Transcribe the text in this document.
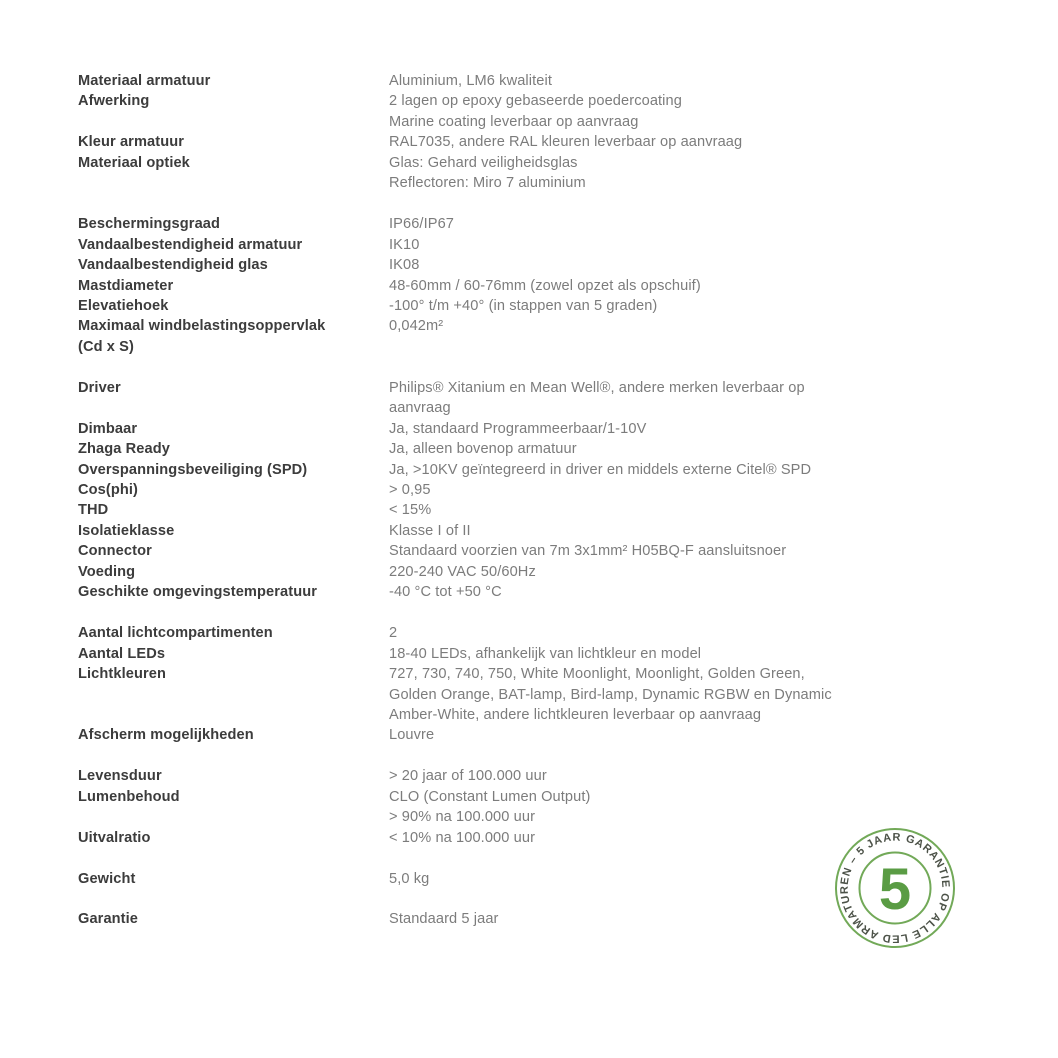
Materiaal armatuur	Aluminium, LM6 kwaliteit
Afwerking	2 lagen op epoxy gebaseerde poedercoating
Marine coating leverbaar op aanvraag
Kleur armatuur	RAL7035, andere RAL kleuren leverbaar op aanvraag
Materiaal optiek	Glas: Gehard veiligheidsglas
Reflectoren: Miro 7 aluminium
Beschermingsgraad	IP66/IP67
Vandaalbestendigheid armatuur	IK10
Vandaalbestendigheid glas	IK08
Mastdiameter	48-60mm / 60-76mm (zowel opzet als opschuif)
Elevatiehoek	-100° t/m +40° (in stappen van 5 graden)
Maximaal windbelastingsoppervlak	0,042m²
(Cd x S)
Driver	Philips® Xitanium en Mean Well®, andere merken leverbaar op
aanvraag
Dimbaar	Ja, standaard Programmeerbaar/1-10V
Zhaga Ready	Ja, alleen bovenop armatuur
Overspanningsbeveiliging (SPD)	Ja, >10KV geïntegreerd in driver en middels externe Citel® SPD
Cos(phi)	> 0,95
THD	< 15%
Isolatieklasse	Klasse I of II
Connector	Standaard voorzien van 7m 3x1mm² H05BQ-F aansluitsnoer
Voeding	220-240 VAC 50/60Hz
Geschikte omgevingstemperatuur	-40 °C tot +50 °C
Aantal lichtcompartimenten	2
Aantal LEDs	18-40 LEDs, afhankelijk van lichtkleur en model
Lichtkleuren	727, 730, 740, 750, White Moonlight, Moonlight, Golden Green,
Golden Orange, BAT-lamp, Bird-lamp, Dynamic RGBW en Dynamic
Amber-White, andere lichtkleuren leverbaar op aanvraag
Afscherm mogelijkheden	Louvre
Levensduur	> 20 jaar of 100.000 uur
Lumenbehoud	CLO (Constant Lumen Output)
> 90% na 100.000 uur
Uitvalratio	< 10% na 100.000 uur
Gewicht	5,0 kg
Garantie	Standaard 5 jaar
– 5 JAAR GARANTIE OP ALLE LED ARMATUREN 5
